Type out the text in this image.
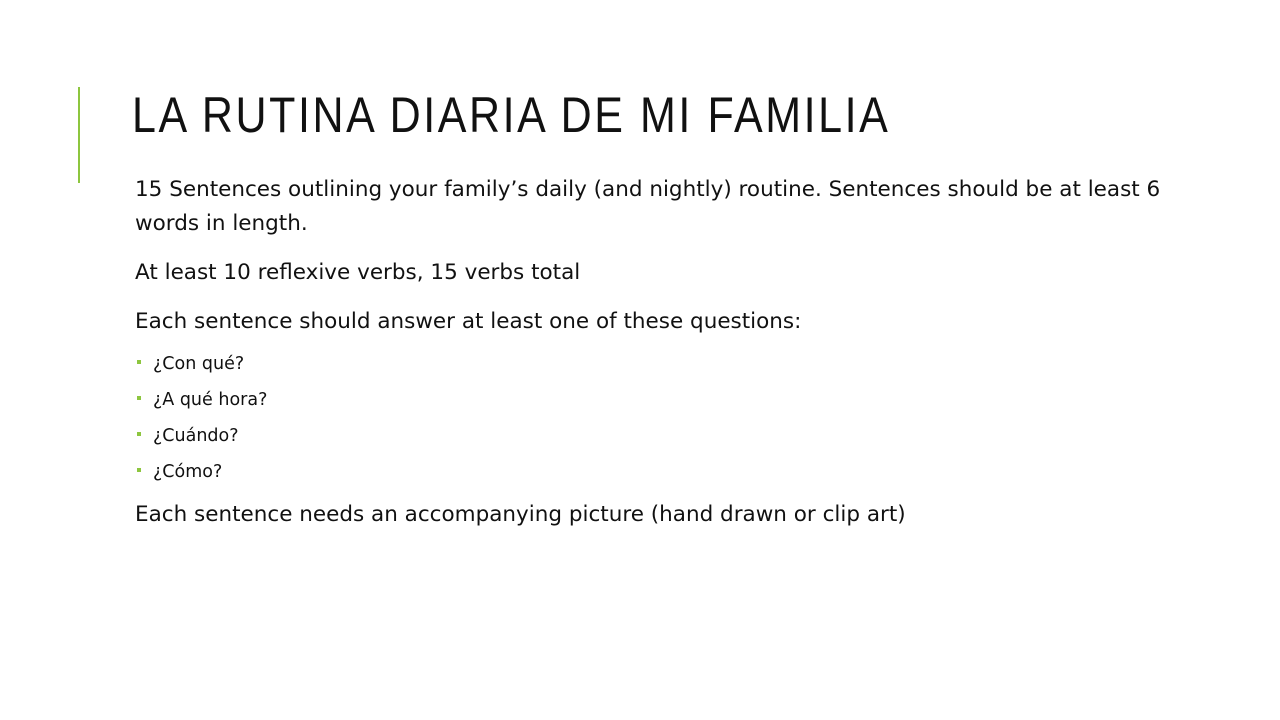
LA RUTINA DIARIA DE MI FAMILIA

15 Sentences outlining your family’s daily (and nightly) routine. Sentences should be at least 6 words in length.

At least 10 reflexive verbs, 15 verbs total

Each sentence should answer at least one of these questions:

¿Con qué?
¿A qué hora?
¿Cuándo?
¿Cómo?

Each sentence needs an accompanying picture (hand drawn or clip art)
